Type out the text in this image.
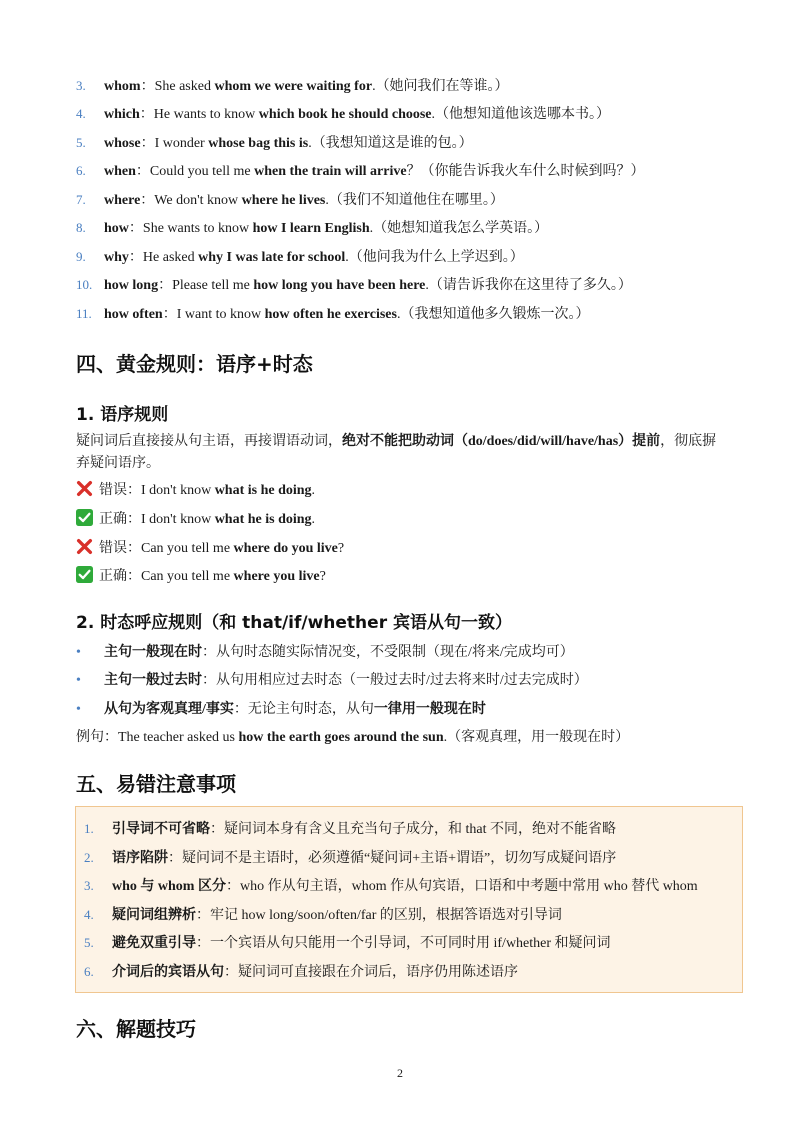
3. whom：She asked whom we were waiting for.（她问我们在等谁。）
4. which：He wants to know which book he should choose.（他想知道他该选哪本书。）
5. whose：I wonder whose bag this is.（我想知道这是谁的包。）
6. when：Could you tell me when the train will arrive？（你能告诉我火车什么时候到吗？）
7. where：We don't know where he lives.（我们不知道他住在哪里。）
8. how：She wants to know how I learn English.（她想知道我怎么学英语。）
9. why：He asked why I was late for school.（他问我为什么上学迟到。）
10. how long：Please tell me how long you have been here.（请告诉我你在这里待了多久。）
11. how often：I want to know how often he exercises.（我想知道他多久锻炼一次。）
四、黄金规则：语序+时态
1. 语序规则
疑问词后直接接从句主语，再接谓语动词，绝对不能把助动词（do/does/did/will/have/has）提前，彻底摒弃疑问语序。
错误：I don't know what is he doing.
正确：I don't know what he is doing.
错误：Can you tell me where do you live?
正确：Can you tell me where you live?
2. 时态呼应规则（和 that/if/whether 宾语从句一致）
• 主句一般现在时：从句时态随实际情况变，不受限制（现在/将来/完成均可）
• 主句一般过去时：从句用相应过去时态（一般过去时/过去将来时/过去完成时）
• 从句为客观真理/事实：无论主句时态，从句一律用一般现在时
例句：The teacher asked us how the earth goes around the sun.（客观真理，用一般现在时）
五、易错注意事项
1. 引导词不可省略：疑问词本身有含义且充当句子成分，和 that 不同，绝对不能省略
2. 语序陷阱：疑问词不是主语时，必须遵循“疑问词+主语+谓语”，切勿写成疑问语序
3. who 与 whom 区分：who 作从句主语，whom 作从句宾语，口语和中考题中常用 who 替代 whom
4. 疑问词组辨析：牢记 how long/soon/often/far 的区别，根据答语选对引导词
5. 避免双重引导：一个宾语从句只能用一个引导词，不可同时用 if/whether 和疑问词
6. 介词后的宾语从句：疑问词可直接跟在介词后，语序仍用陈述语序
六、解题技巧
2
